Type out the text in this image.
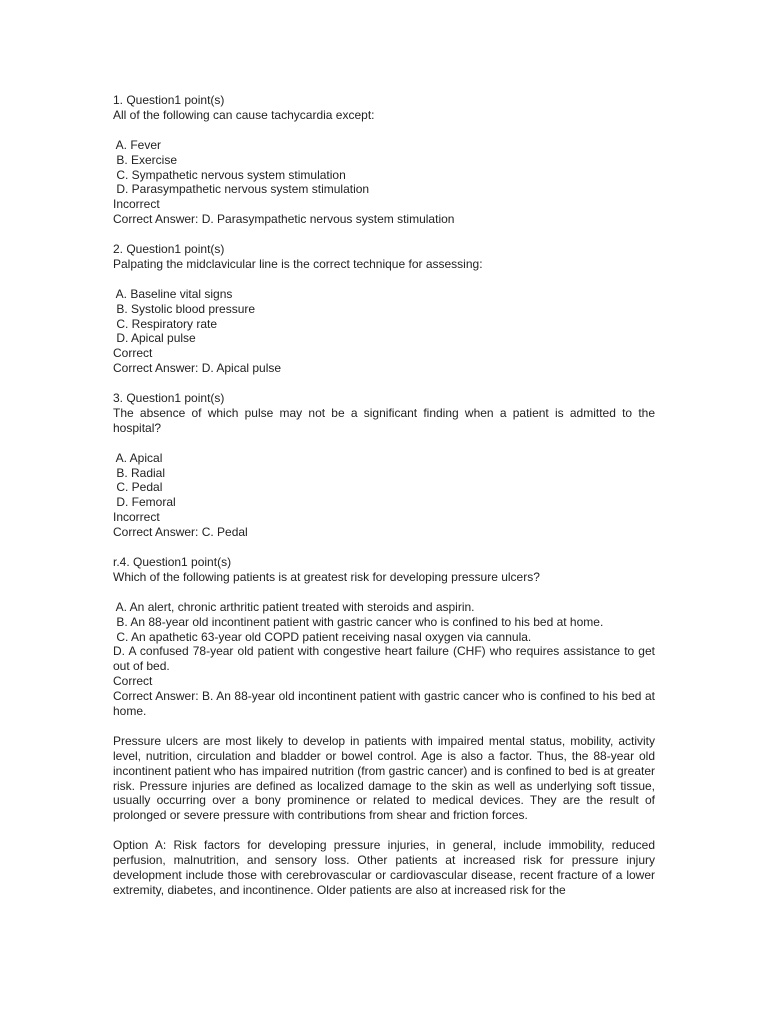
1. Question1 point(s)
All of the following can cause tachycardia except:
A. Fever
B. Exercise
C. Sympathetic nervous system stimulation
D. Parasympathetic nervous system stimulation
Incorrect
Correct Answer: D. Parasympathetic nervous system stimulation
2. Question1 point(s)
Palpating the midclavicular line is the correct technique for assessing:
A. Baseline vital signs
B. Systolic blood pressure
C. Respiratory rate
D. Apical pulse
Correct
Correct Answer: D. Apical pulse
3. Question1 point(s)
The absence of which pulse may not be a significant finding when a patient is admitted to the hospital?
A. Apical
B. Radial
C. Pedal
D. Femoral
Incorrect
Correct Answer: C. Pedal
r.4. Question1 point(s)
Which of the following patients is at greatest risk for developing pressure ulcers?
A. An alert, chronic arthritic patient treated with steroids and aspirin.
B. An 88-year old incontinent patient with gastric cancer who is confined to his bed at home.
C. An apathetic 63-year old COPD patient receiving nasal oxygen via cannula.
D. A confused 78-year old patient with congestive heart failure (CHF) who requires assistance to get out of bed.
Correct
Correct Answer: B. An 88-year old incontinent patient with gastric cancer who is confined to his bed at home.

Pressure ulcers are most likely to develop in patients with impaired mental status, mobility, activity level, nutrition, circulation and bladder or bowel control. Age is also a factor. Thus, the 88-year old incontinent patient who has impaired nutrition (from gastric cancer) and is confined to bed is at greater risk. Pressure injuries are defined as localized damage to the skin as well as underlying soft tissue, usually occurring over a bony prominence or related to medical devices. They are the result of prolonged or severe pressure with contributions from shear and friction forces.

Option A: Risk factors for developing pressure injuries, in general, include immobility, reduced perfusion, malnutrition, and sensory loss. Other patients at increased risk for pressure injury development include those with cerebrovascular or cardiovascular disease, recent fracture of a lower extremity, diabetes, and incontinence. Older patients are also at increased risk for the
